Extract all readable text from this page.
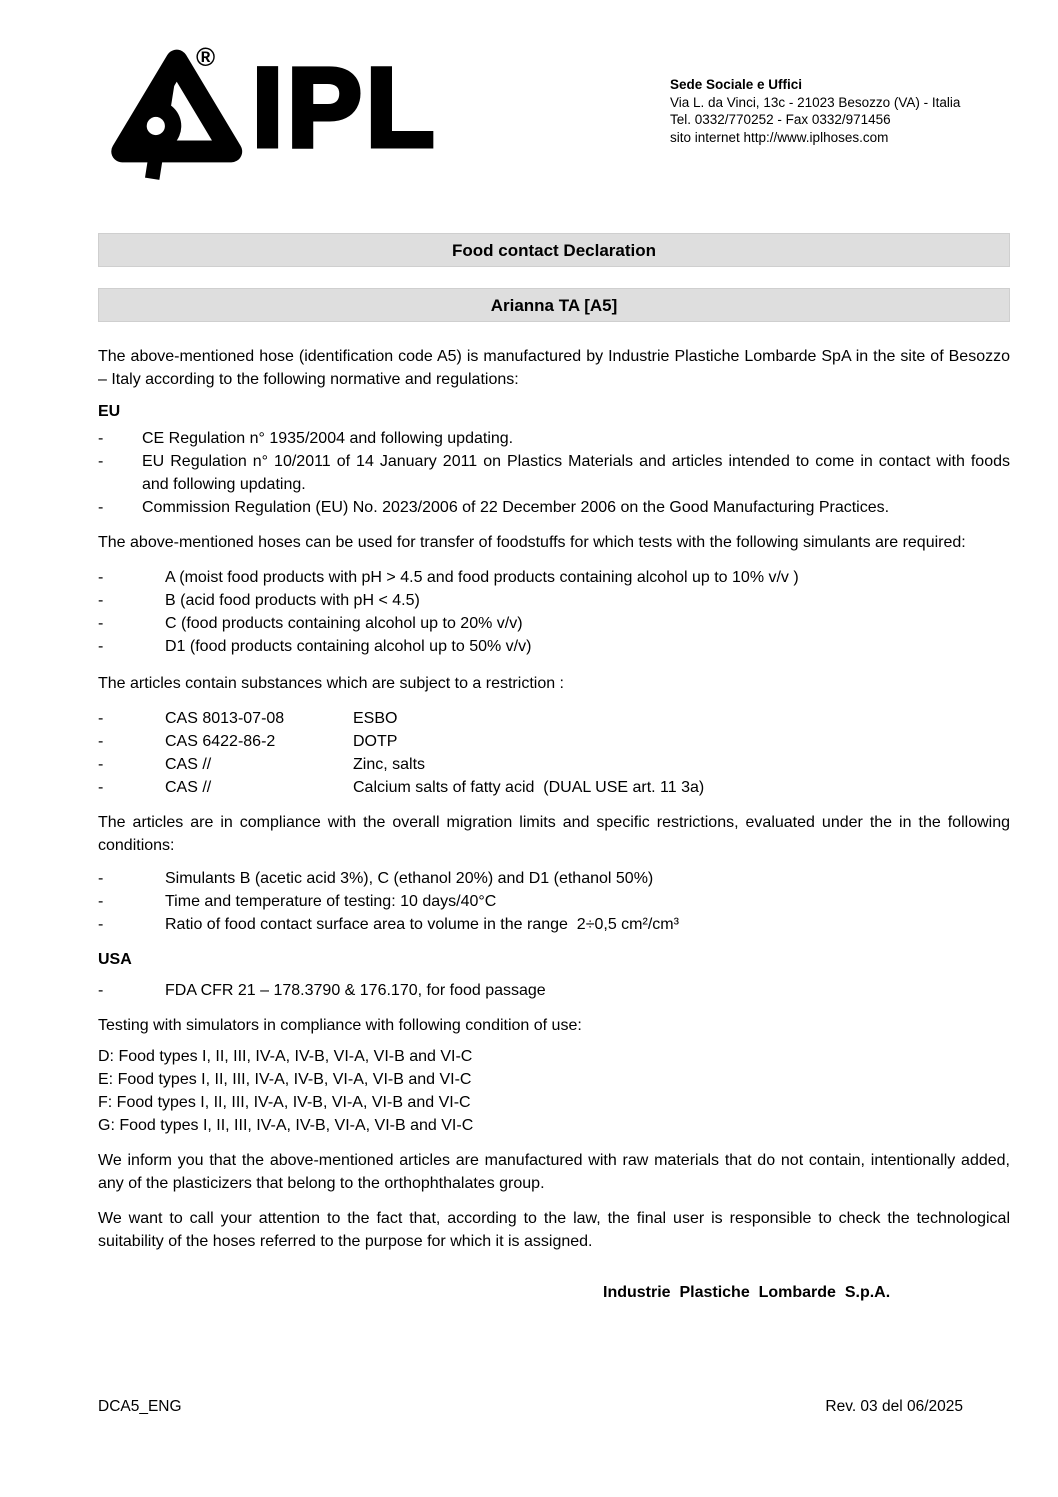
® IPL	Sede Sociale e Uffici
Via L. da Vinci, 13c - 21023 Besozzo (VA) - Italia
Tel. 0332/770252 - Fax 0332/971456
sito internet http://www.iplhoses.com
Food contact Declaration
Arianna TA [A5]

The above-mentioned hose (identification code A5) is manufactured by Industrie Plastiche Lombarde SpA in the site of Besozzo – Italy according to the following normative and regulations:

EU
-	CE Regulation n° 1935/2004 and following updating.
-	EU Regulation n° 10/2011 of 14 January 2011 on Plastics Materials and articles intended to come in contact with foods and following updating.
-	Commission Regulation (EU) No. 2023/2006 of 22 December 2006 on the Good Manufacturing Practices.

The above-mentioned hoses can be used for transfer of foodstuffs for which tests with the following simulants are required:

-	A (moist food products with pH > 4.5 and food products containing alcohol up to 10% v/v )
-	B (acid food products with pH < 4.5)
-	C (food products containing alcohol up to 20% v/v)
-	D1 (food products containing alcohol up to 50% v/v)

The articles contain substances which are subject to a restriction :

-	CAS 8013-07-08	ESBO
-	CAS 6422-86-2	DOTP
-	CAS //	Zinc, salts
-	CAS //	Calcium salts of fatty acid  (DUAL USE art. 11 3a)

The articles are in compliance with the overall migration limits and specific restrictions, evaluated under the in the following conditions:

-	Simulants B (acetic acid 3%), C (ethanol 20%) and D1 (ethanol 50%)
-	Time and temperature of testing: 10 days/40°C
-	Ratio of food contact surface area to volume in the range  2÷0,5 cm²/cm³
USA
-	FDA CFR 21 – 178.3790 & 176.170, for food passage

Testing with simulators in compliance with following condition of use:

D: Food types I, II, III, IV-A, IV-B, VI-A, VI-B and VI-C
E: Food types I, II, III, IV-A, IV-B, VI-A, VI-B and VI-C
F: Food types I, II, III, IV-A, IV-B, VI-A, VI-B and VI-C
G: Food types I, II, III, IV-A, IV-B, VI-A, VI-B and VI-C

We inform you that the above-mentioned articles are manufactured with raw materials that do not contain, intentionally added, any of the plasticizers that belong to the orthophthalates group.

We want to call your attention to the fact that, according to the law, the final user is responsible to check the technological suitability of the hoses referred to the purpose for which it is assigned.

Industrie  Plastiche  Lombarde  S.p.A.
DCA5_ENG	Rev. 03 del 06/2025
